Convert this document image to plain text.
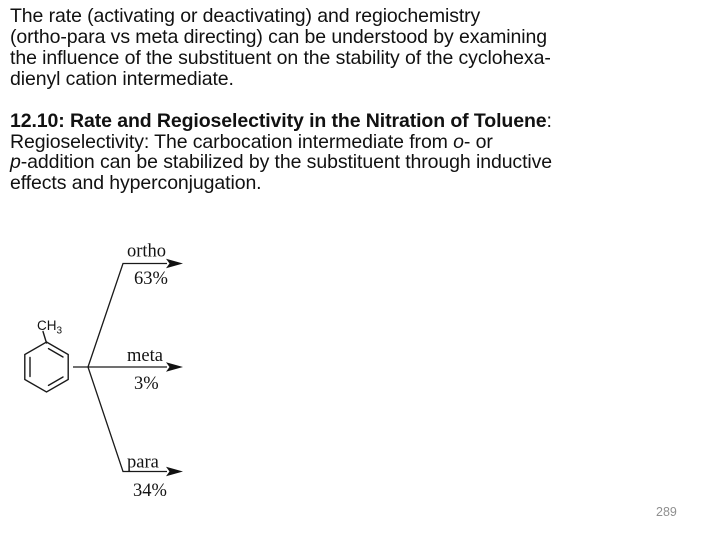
The rate (activating or deactivating) and regiochemistry
(ortho-para vs meta directing) can be understood by examining
the influence of the substituent on the stability of the cyclohexa-
dienyl cation intermediate.
12.10: Rate and Regioselectivity in the Nitration of Toluene:
Regioselectivity: The carbocation intermediate from o- or
p-addition can be stabilized by the substituent through inductive
effects and hyperconjugation.
$CH_3$
ortho
63%
meta
3%
para
34%
289
